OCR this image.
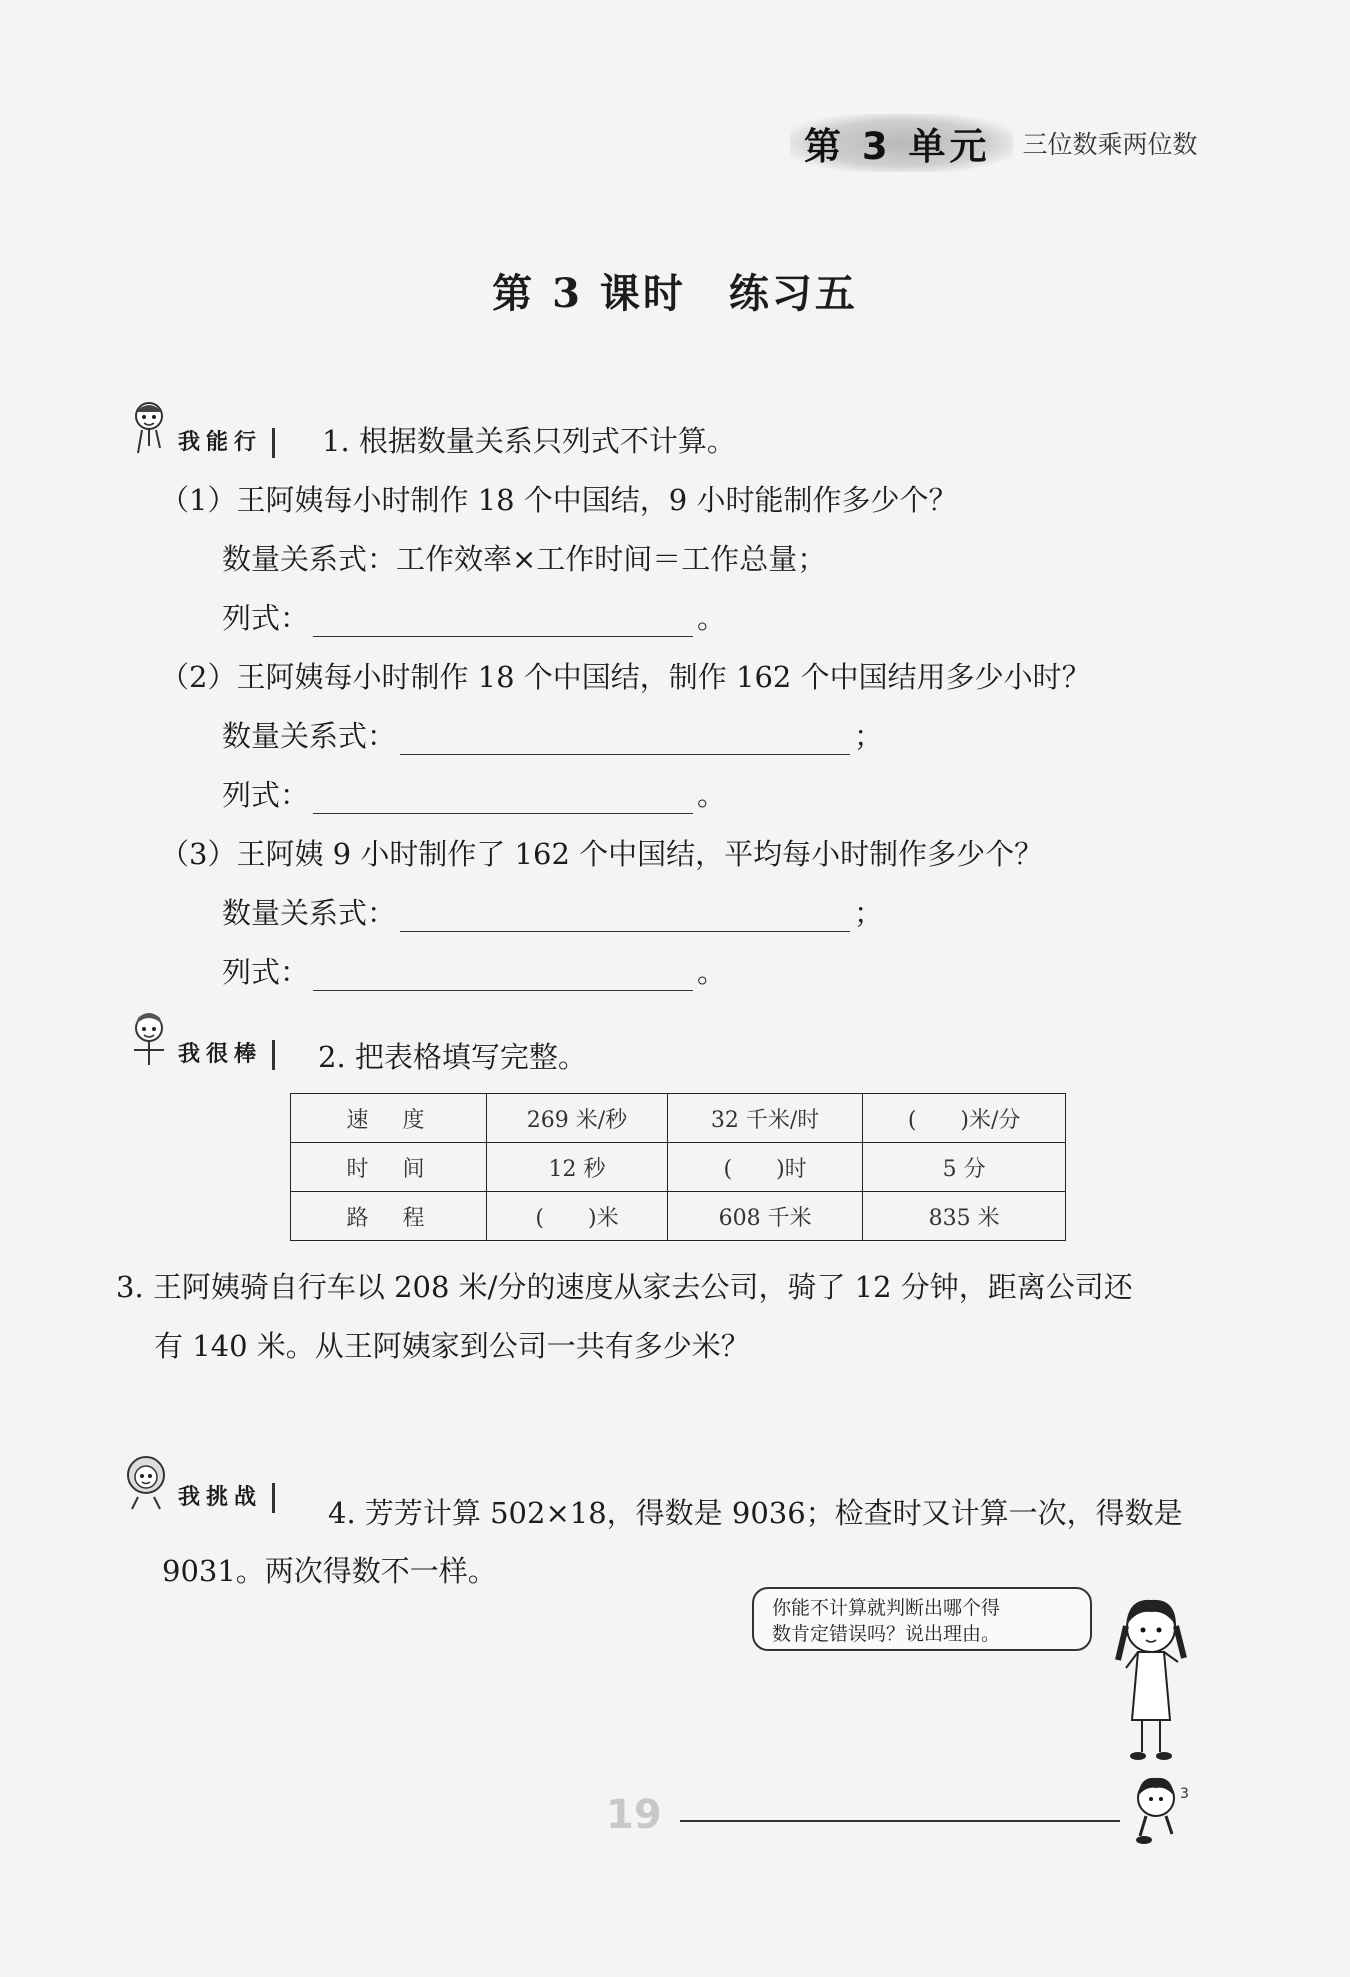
第 3 单元	三位数乘两位数
第 3 课时　练习五
我能行	1. 根据数量关系只列式不计算。
（1）王阿姨每小时制作 18 个中国结，9 小时能制作多少个？
数量关系式：工作效率×工作时间＝工作总量；
列式：	。
（2）王阿姨每小时制作 18 个中国结，制作 162 个中国结用多少小时？
数量关系式：	；
列式：	。
（3）王阿姨 9 小时制作了 162 个中国结，平均每小时制作多少个？
数量关系式：	；
列式：	。
我很棒	2. 把表格填写完整。
速　度	269 米/秒	32 千米/时	(　　)米/分
时　间	12 秒	(　　)时	5 分
路　程	(　　)米	608 千米	835 米
3. 王阿姨骑自行车以 208 米/分的速度从家去公司，骑了 12 分钟，距离公司还
有 140 米。从王阿姨家到公司一共有多少米？
我挑战	4. 芳芳计算 502×18，得数是 9036；检查时又计算一次，得数是
9031。两次得数不一样。
你能不计算就判断出哪个得
数肯定错误吗？说出理由。
19	3
